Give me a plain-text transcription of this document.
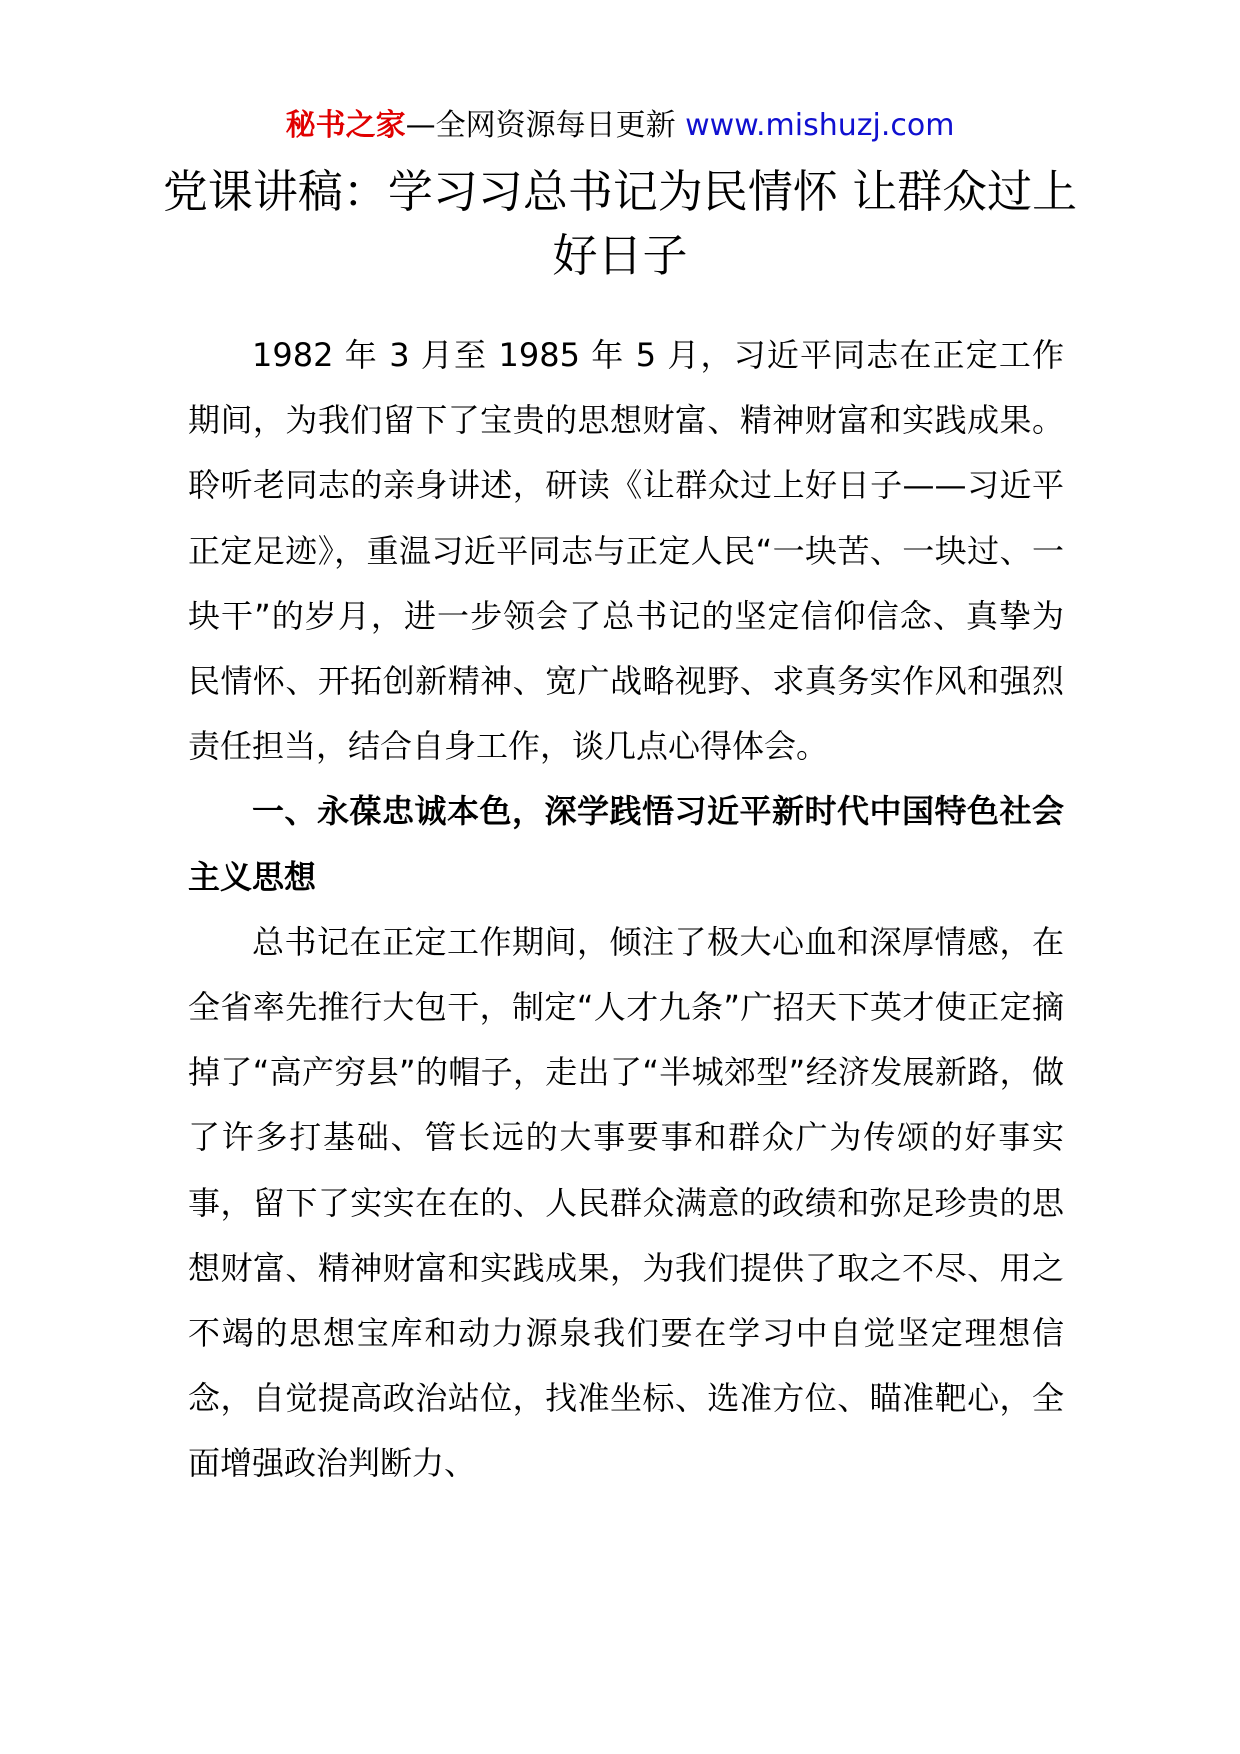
秘书之家—全网资源每日更新 www.mishuzj.com
党课讲稿：学习习总书记为民情怀 让群众过上好日子

1982 年 3 月至 1985 年 5 月，习近平同志在正定工作期间，为我们留下了宝贵的思想财富、精神财富和实践成果。聆听老同志的亲身讲述，研读《让群众过上好日子——习近平正定足迹》，重温习近平同志与正定人民“一块苦、一块过、一块干”的岁月，进一步领会了总书记的坚定信仰信念、真挚为民情怀、开拓创新精神、宽广战略视野、求真务实作风和强烈责任担当，结合自身工作，谈几点心得体会。

一、永葆忠诚本色，深学践悟习近平新时代中国特色社会主义思想

总书记在正定工作期间，倾注了极大心血和深厚情感，在全省率先推行大包干，制定“人才九条”广招天下英才使正定摘掉了“高产穷县”的帽子，走出了“半城郊型”经济发展新路，做了许多打基础、管长远的大事要事和群众广为传颂的好事实事，留下了实实在在的、人民群众满意的政绩和弥足珍贵的思想财富、精神财富和实践成果，为我们提供了取之不尽、用之不竭的思想宝库和动力源泉我们要在学习中自觉坚定理想信念，自觉提高政治站位，找准坐标、选准方位、瞄准靶心，全面增强政治判断力、
